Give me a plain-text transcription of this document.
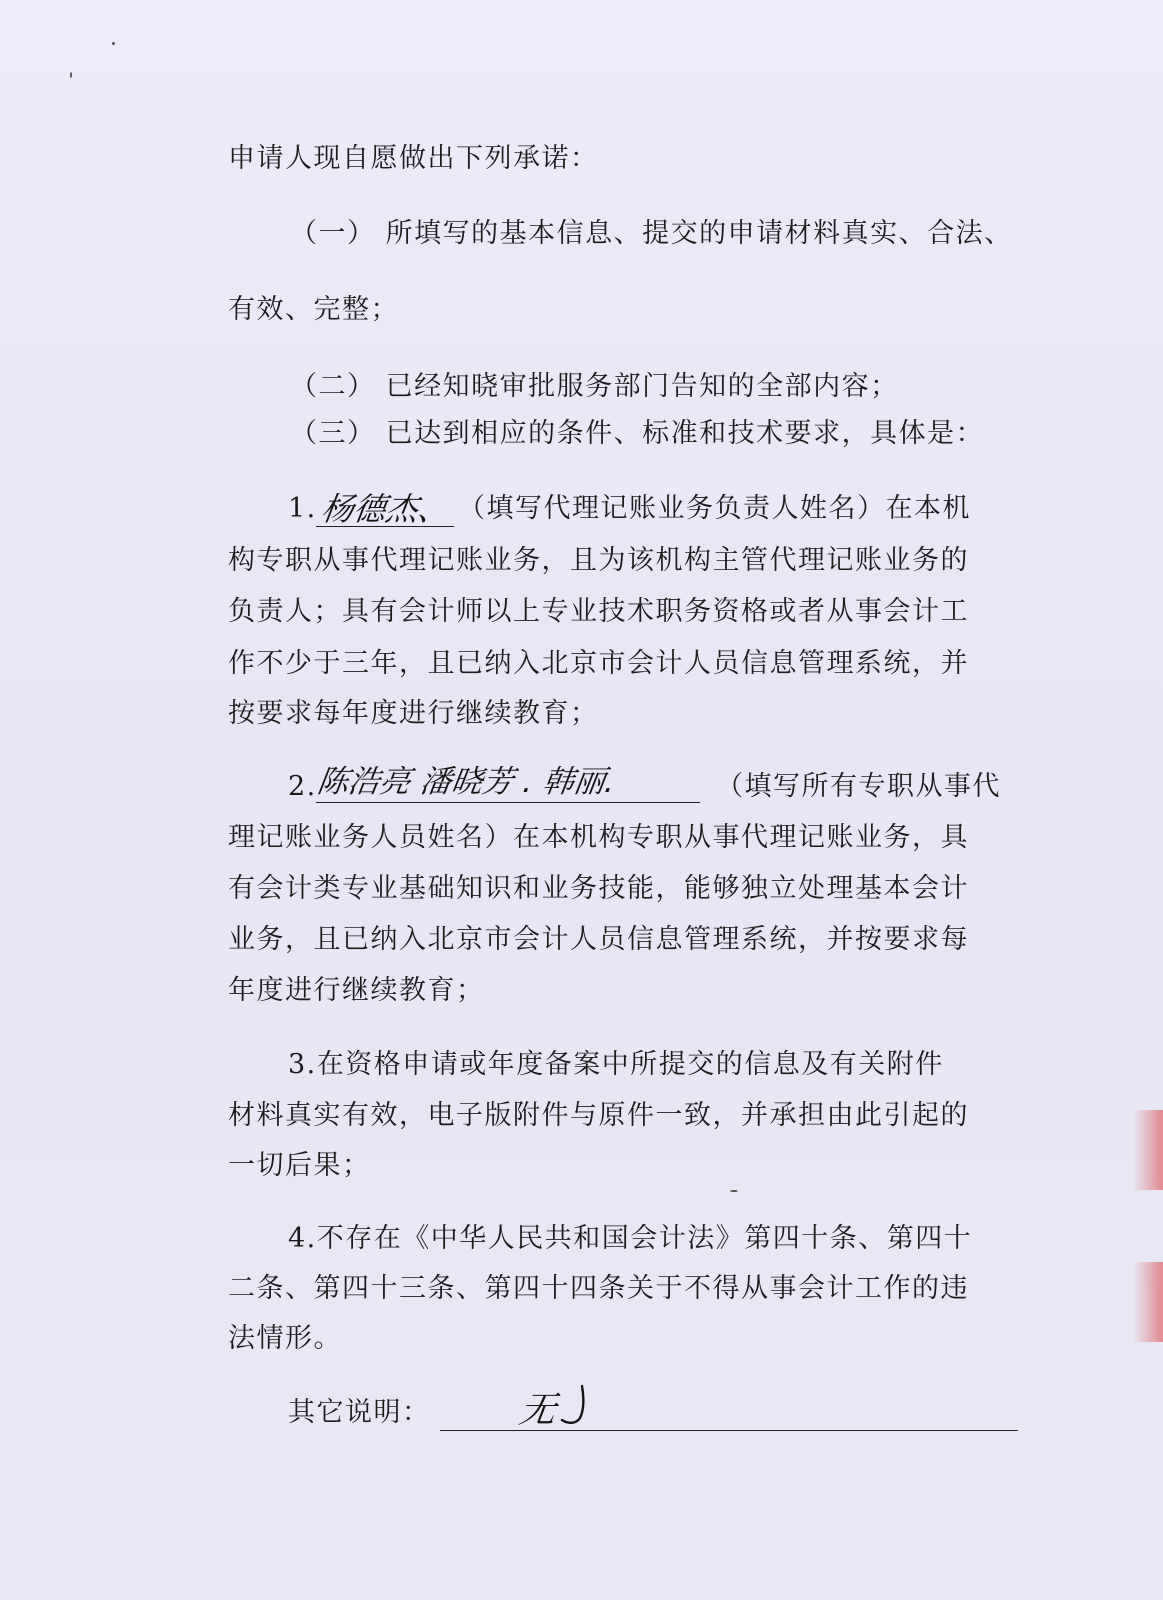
申请人现自愿做出下列承诺：
（一） 所填写的基本信息、提交的申请材料真实、合法、
有效、完整；
（二） 已经知晓审批服务部门告知的全部内容；
（三） 已达到相应的条件、标准和技术要求，具体是：
1. 杨德杰、 （填写代理记账业务负责人姓名）在本机
构专职从事代理记账业务，且为该机构主管代理记账业务的
负责人；具有会计师以上专业技术职务资格或者从事会计工
作不少于三年，且已纳入北京市会计人员信息管理系统，并
按要求每年度进行继续教育；
2.
陈浩亮 潘晓芳 . 韩丽.	（填写所有专职从事代
理记账业务人员姓名）在本机构专职从事代理记账业务，具
有会计类专业基础知识和业务技能，能够独立处理基本会计
业务，且已纳入北京市会计人员信息管理系统，并按要求每
年度进行继续教育；
3.在资格申请或年度备案中所提交的信息及有关附件
材料真实有效，电子版附件与原件一致，并承担由此引起的
一切后果；
4.不存在《中华人民共和国会计法》第四十条、第四十
二条、第四十三条、第四十四条关于不得从事会计工作的违
法情形。
其它说明： 无
